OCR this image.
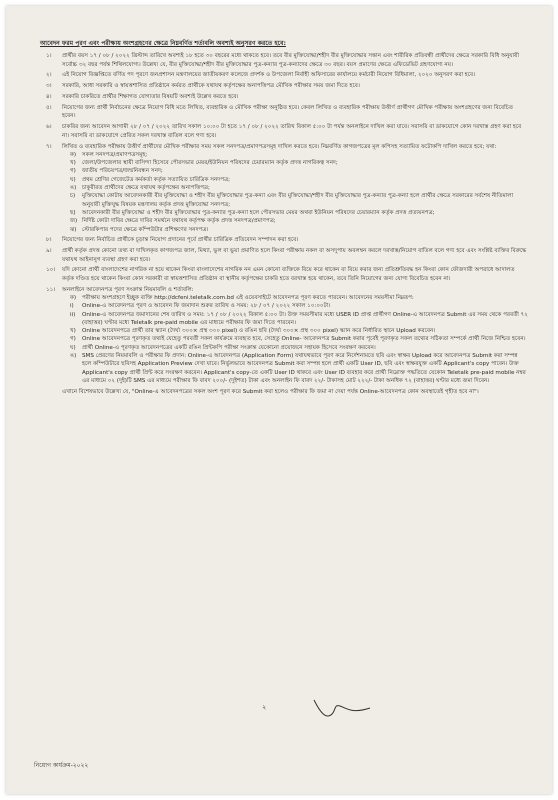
আবেদন ফরম পূরণ এবং পরীক্ষায় অংশগ্রহণের ক্ষেত্রে নিম্নবর্ণিত শর্তাবলি অবশ্যই অনুসরণ করতে হবে:
১। প্রার্থীর বয়স ১৭ / ০৮ / ২০২২ খ্রিস্টাব্দ তারিখে অবশ্যই ১৮ হতে ৩০ বছরের মধ্যে থাকতে হবে। তবে বীর মুক্তিযোদ্ধা/শহীদ বীর মুক্তিযোদ্ধার সন্তান এবং শারীরিক প্রতিবন্ধী প্রার্থীদের ক্ষেত্রে সরকারি বিধি অনুযায়ী সর্বোচ্চ ৩২ বছর পর্যন্ত শিথিলযোগ্য। উল্লেখ্য যে, বীর মুক্তিযোদ্ধা/শহীদ বীর মুক্তিযোদ্ধার পুত্র-কন্যার পুত্র-কন্যাদের ক্ষেত্রে ৩০ বছর। বয়স প্রমাণের ক্ষেত্রে এফিডেভিট গ্রহণযোগ্য নয়।
২। এই নিয়োগ বিজ্ঞপ্তিতে বর্ণিত পদ পূরণে জনপ্রশাসন মন্ত্রণালয়ের জাতীয়করণ কলেজে প্রদর্শক ও উপজেলা নির্বাহী অফিসারের কার্যালয়ে কর্মচারী নিয়োগ বিধিমালা, ২০২০ অনুসরণ করা হবে।
৩। সরকারি, আধা সরকারি ও স্বায়ত্তশাসিত প্রতিষ্ঠানে কর্মরত প্রার্থীকে যথাযথ কর্তৃপক্ষের অনাপত্তিপত্র মৌখিক পরীক্ষার সময় জমা দিতে হবে।
৪। সরকারি চাকরিতে প্রার্থীর শিক্ষাগত যোগ্যতার বিষয়টি অবশ্যই উল্লেখ করতে হবে।
৫। নিয়োগের জন্য প্রার্থী নির্বাচনের ক্ষেত্রে নিয়োগ বিধি মতে লিখিত, ব্যবহারিক ও মৌখিক পরীক্ষা অনুষ্ঠিত হবে। কেবল লিখিত ও ব্যবহারিক পরীক্ষায় উত্তীর্ণ প্রার্থীগণ মৌখিক পরীক্ষায় অংশগ্রহণের জন্য বিবেচিত হবেন।
৬। চাকরির জন্য আবেদন আগামী ২৮ / ০৭ / ২০২২ তারিখ সকাল ১০:০০ টা হতে ১৭ / ০৮ / ২০২২ তারিখ বিকাল ৫:০০ টা পর্যন্ত অনলাইনে দাখিল করা যাবে। সরাসরি বা ডাকযোগে কোন দরখাস্ত গ্রহণ করা হবে না। সরাসরি বা ডাকযোগে প্রেরিত সকল দরখাস্ত বাতিল বলে গণ্য হবে।
৭। লিখিত ও ব্যবহারিক পরীক্ষায় উত্তীর্ণ প্রার্থীদের মৌখিক পরীক্ষার সময় সকল সনদপত্র/প্রমাণপত্রসমূহ দাখিল করতে হবে। নিম্নবর্ণিত কাগজপত্রের মূল কপিসহ সত্যায়িত ফটোকপি দাখিল করতে হবে; যথা:
ক) সকল সনদপত্র/প্রমাণপত্রসমূহ;
খ) জেলা/উপজেলার স্থায়ী বাসিন্দা হিসেবে পৌরসভার মেয়র/ইউনিয়ন পরিষদের চেয়ারম্যান কর্তৃক প্রদত্ত নাগরিকত্ব সনদ;
গ) জাতীয় পরিচয়পত্র/জন্মনিবন্ধন সনদ;
ঘ) প্রথম শ্রেণির গেজেটেড কর্মকর্তা কর্তৃক সত্যায়িত চারিত্রিক সনদপত্র;
ঙ) চাকুরীরত প্রার্থীদের ক্ষেত্রে যথাযথ কর্তৃপক্ষের অনাপত্তিপত্র;
চ) মুক্তিযোদ্ধা কোটায় আবেদনকারী বীর মুক্তিযোদ্ধা ও শহীদ বীর মুক্তিযোদ্ধার পুত্র-কন্যা এবং বীর মুক্তিযোদ্ধা/শহীদ বীর মুক্তিযোদ্ধার পুত্র-কন্যার পুত্র-কন্যা হলে প্রার্থীর ক্ষেত্রে সরকারের সর্বশেষ নীতিমালা অনুযায়ী মুক্তিযুদ্ধ বিষয়ক মন্ত্রণালয় কর্তৃক প্রদত্ত মুক্তিযোদ্ধা সনদপত্র;
ছ) আবেদনকারী বীর মুক্তিযোদ্ধা ও শহীদ বীর মুক্তিযোদ্ধার পুত্র-কন্যার পুত্র-কন্যা হলে পৌরসভার মেয়র অথবা ইউনিয়ন পরিষদের চেয়ারম্যান কর্তৃক প্রদত্ত প্রত্যয়নপত্র;
জ) নির্দিষ্ট কোটা দাবির ক্ষেত্রে দাবির সমর্থনে যথাযথ কর্তৃপক্ষ কর্তৃক প্রদত্ত সনদপত্র/প্রমাণপত্র;
ঝ) স্টোরকিপার পদের ক্ষেত্রে কম্পিউটার প্রশিক্ষণের সনদপত্র।
৮। নিয়োগের জন্য নির্বাচিত প্রার্থীকে চূড়ান্ত নিয়োগ প্রদানের পূর্বে প্রার্থীর চারিত্রিক প্রতিবেদন সম্পাদন করা হবে।
৯। প্রার্থী কর্তৃক প্রদত্ত কোনো তথ্য বা দাখিলকৃত কাগজপত্র জাল, মিথ্যা, ভুল বা ভুয়া প্রমাণিত হলে কিংবা পরীক্ষায় নকল বা অসদুপায় অবলম্বন করলে দরখাস্ত/নিয়োগ বাতিল বলে গণ্য হবে এবং সংশ্লিষ্ট ব্যক্তির বিরুদ্ধে যথাযথ আইনানুগ ব্যবস্থা গ্রহণ করা হবে।
১০। যদি কোনো প্রার্থী বাংলাদেশের নাগরিক না হয়ে থাকেন কিংবা বাংলাদেশের নাগরিক নন এমন কোনো ব্যক্তিকে বিয়ে করে থাকেন বা বিয়ে করার জন্য প্রতিশ্রুতিবদ্ধ হন কিংবা কোন ফৌজদারী অপরাধে আদালত কর্তৃক দণ্ডিত হয়ে থাকেন কিংবা কোন সরকারী বা স্বায়ত্তশাসিত প্রতিষ্ঠান বা স্থানীয় কর্তৃপক্ষের চাকরি হতে বরখাস্ত হয়ে থাকেন, তবে তিনি নিয়োগের জন্য যোগ্য বিবেচিত হবেন না।
১১। অনলাইনে আবেদনপত্র পূরণ সংক্রান্ত নিয়মাবলি ও শর্তাবলি:
ক) পরীক্ষায় অংশগ্রহণে ইচ্ছুক ব্যক্তি http://dcfeni.teletalk.com.bd এই ওয়েবসাইটে আবেদনপত্র পূরণ করতে পারবেন। আবেদনের সময়সীমা নিম্নরূপ:
i) Online-এ আবেদনপত্র পূরণ ও আবেদন ফি জমাদান শুরুর তারিখ ও সময়: ২৮ / ০৭ / ২০২২ সকাল ১০:০০টা।
ii) Online-এ আবেদনপত্র জমাদানের শেষ তারিখ ও সময়: ১৭ / ০৮ / ২০২২ বিকাল ৫:০০ টা। উক্ত সময়সীমার মধ্যে USER ID প্রাপ্ত প্রার্থীগণ Online-এ আবেদনপত্র Submit এর সময় থেকে পরবর্তী ৭২ (বাহাত্তর) ঘণ্টার মধ্যে Teletalk pre-paid mobile এর মাধ্যমে পরীক্ষার ফি জমা দিতে পারবেন।
খ) Online আবেদনপত্রে প্রার্থী তার স্ক্যান (দৈর্ঘ্য ৩০০× প্রস্থ ৩০০ pixel) ও রঙিন ছবি (দৈর্ঘ্য ৩০০× প্রস্থ ৩০০ pixel) স্ক্যান করে নির্ধারিত স্থানে Upload করবেন।
গ) Online আবেদনপত্রে পূরণকৃত তথ্যই যেহেতু পরবর্তী সকল কার্যক্রমে ব্যবহৃত হবে, সেহেতু Online- আবেদনপত্র Submit করার পূর্বেই পূরণকৃত সকল তথ্যের সঠিকতা সম্পর্কে প্রার্থী নিজে নিশ্চিত হবেন।
ঘ) প্রার্থী Online-এ পূরণকৃত আবেদনপত্রের একটি রঙিন প্রিন্টকপি পরীক্ষা সংক্রান্ত যেকোনো প্রয়োজনে সহায়ক হিসেবে সংরক্ষণ করবেন।
ঙ) SMS প্রেরণের নিয়মাবলি ও পরীক্ষার ফি প্রদান: Online-এ আবেদনপত্র (Application Form) যথাযথভাবে পূরণ করে নির্দেশনামতে ছবি এবং স্বাক্ষর Upload করে আবেদনপত্র Submit করা সম্পন্ন হলে কম্পিউটারে ছবিসহ Application Preview দেখা যাবে। নির্ভুলভাবে আবেদনপত্র Submit করা সম্পন্ন হলে প্রার্থী একটি User ID, ছবি এবং স্বাক্ষরযুক্ত একটি Applicant's copy পাবেন। উক্ত Applicant's copy প্রার্থী প্রিন্ট করে সংরক্ষণ করবেন। Applicant's copy-তে একটি User ID থাকবে এবং User ID ব্যবহার করে প্রার্থী নিম্নোক্ত পদ্ধতিতে যেকোন Teletalk pre-paid mobile নম্বর এর মাধ্যমে ০২ (দুই)টি SMS এর মাধ্যমে পরীক্ষার ফি বাবদ ২০০/- (দুইশত) টাকা এবং অনলাইন ফি বাবদ ২২/- টাকাসহ মোট ২২২/- টাকা অনধিক ৭২ (বাহাত্তর) ঘণ্টার মধ্যে জমা দিবেন।
এখানে বিশেষভাবে উল্লেখ্য যে, "Online-এ আবেদনপত্রের সকল অংশ পূরণ করে Submit করা হলেও পরীক্ষার ফি জমা না দেয়া পর্যন্ত Online-আবেদনপত্র কোন অবস্থাতেই গৃহীত হবে না"।
২
নিয়োগ কার্যক্রম-২০২২
